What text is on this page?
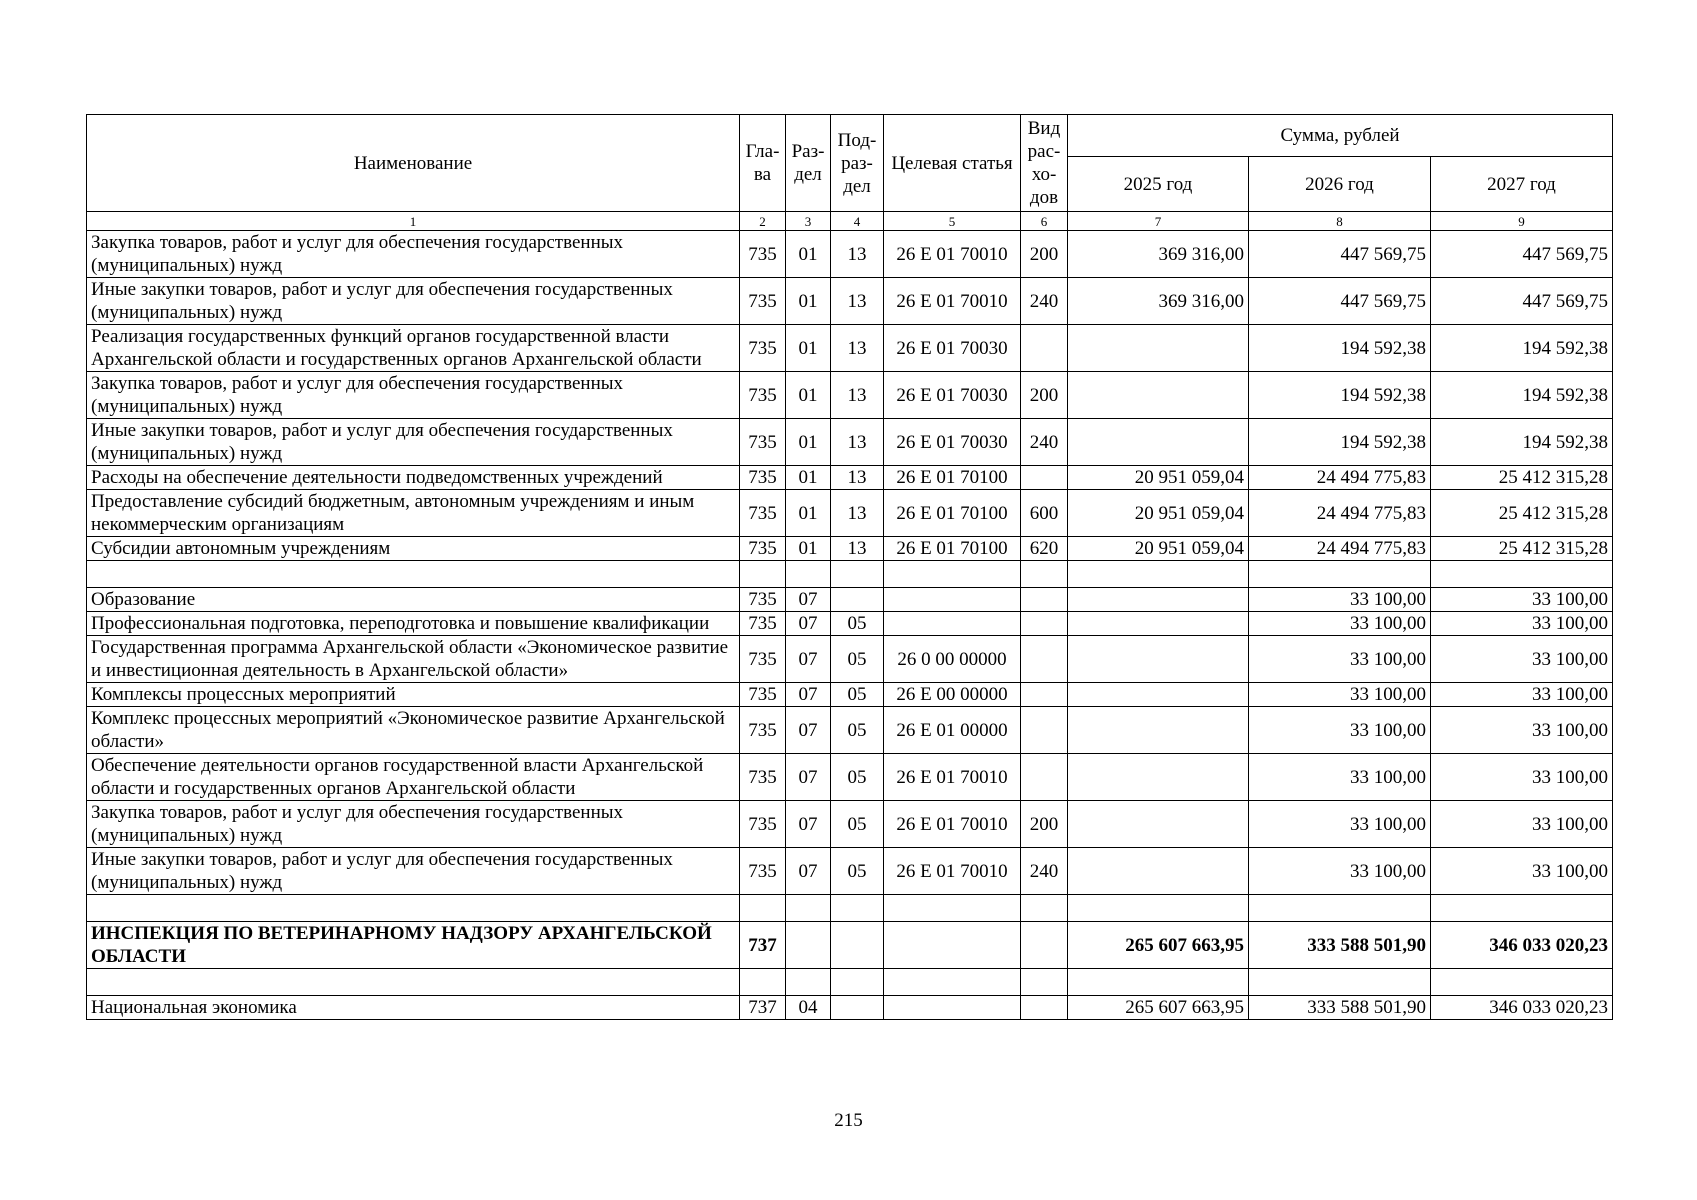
Наименование	Гла-ва	Раз-дел	Под-раз-дел	Целевая статья	Вид рас-хо-дов	Сумма, рублей		
						2025 год	2026 год	2027 год
1	2	3	4	5	6	7	8	9
Закупка товаров, работ и услуг для обеспечения государственных (муниципальных) нужд	735	01	13	26 Е 01 70010	200	369 316,00	447 569,75	447 569,75
Иные закупки товаров, работ и услуг для обеспечения государственных (муниципальных) нужд	735	01	13	26 Е 01 70010	240	369 316,00	447 569,75	447 569,75
Реализация государственных функций органов государственной власти Архангельской области и государственных органов Архангельской области	735	01	13	26 Е 01 70030			194 592,38	194 592,38
Закупка товаров, работ и услуг для обеспечения государственных (муниципальных) нужд	735	01	13	26 Е 01 70030	200		194 592,38	194 592,38
Иные закупки товаров, работ и услуг для обеспечения государственных (муниципальных) нужд	735	01	13	26 Е 01 70030	240		194 592,38	194 592,38
Расходы на обеспечение деятельности подведомственных учреждений	735	01	13	26 Е 01 70100		20 951 059,04	24 494 775,83	25 412 315,28
Предоставление субсидий бюджетным, автономным учреждениям и иным некоммерческим организациям	735	01	13	26 Е 01 70100	600	20 951 059,04	24 494 775,83	25 412 315,28
Субсидии автономным учреждениям	735	01	13	26 Е 01 70100	620	20 951 059,04	24 494 775,83	25 412 315,28

Образование	735	07					33 100,00	33 100,00
Профессиональная подготовка, переподготовка и повышение квалификации	735	07	05				33 100,00	33 100,00
Государственная программа Архангельской области «Экономическое развитие и инвестиционная деятельность в Архангельской области»	735	07	05	26 0 00 00000			33 100,00	33 100,00
Комплексы процессных мероприятий	735	07	05	26 Е 00 00000			33 100,00	33 100,00
Комплекс процессных мероприятий «Экономическое развитие Архангельской области»	735	07	05	26 Е 01 00000			33 100,00	33 100,00
Обеспечение деятельности органов государственной власти Архангельской области и государственных органов Архангельской области	735	07	05	26 Е 01 70010			33 100,00	33 100,00
Закупка товаров, работ и услуг для обеспечения государственных (муниципальных) нужд	735	07	05	26 Е 01 70010	200		33 100,00	33 100,00
Иные закупки товаров, работ и услуг для обеспечения государственных (муниципальных) нужд	735	07	05	26 Е 01 70010	240		33 100,00	33 100,00

ИНСПЕКЦИЯ ПО ВЕТЕРИНАРНОМУ НАДЗОРУ АРХАНГЕЛЬСКОЙ ОБЛАСТИ	737					265 607 663,95	333 588 501,90	346 033 020,23

Национальная экономика	737	04				265 607 663,95	333 588 501,90	346 033 020,23
215
